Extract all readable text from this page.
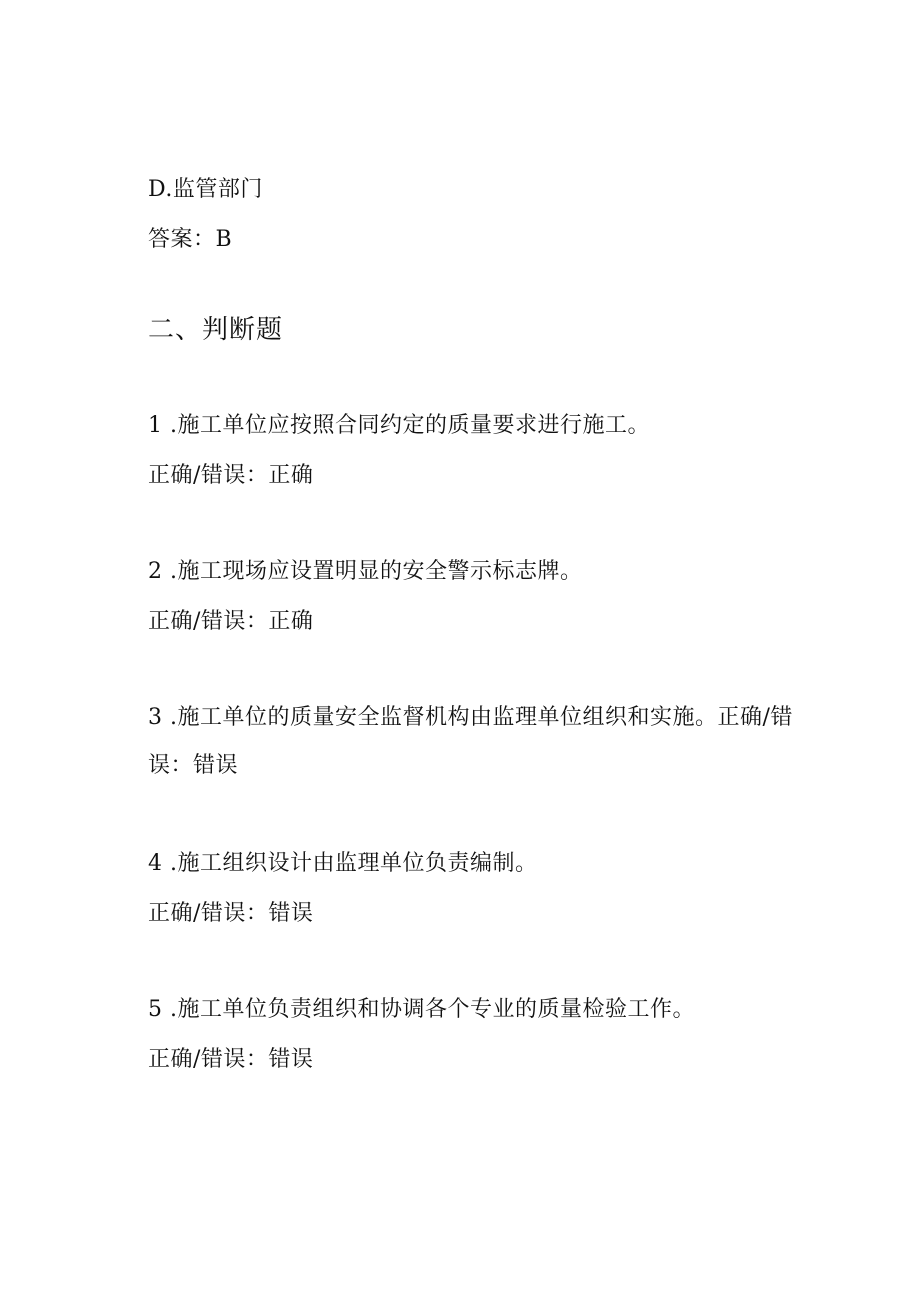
D.监管部门
答案：B
二、判断题
1 .施工单位应按照合同约定的质量要求进行施工。
正确/错误：正确
2 .施工现场应设置明显的安全警示标志牌。
正确/错误：正确
3 .施工单位的质量安全监督机构由监理单位组织和实施。正确/错误：错误
4 .施工组织设计由监理单位负责编制。
正确/错误：错误
5 .施工单位负责组织和协调各个专业的质量检验工作。
正确/错误：错误
